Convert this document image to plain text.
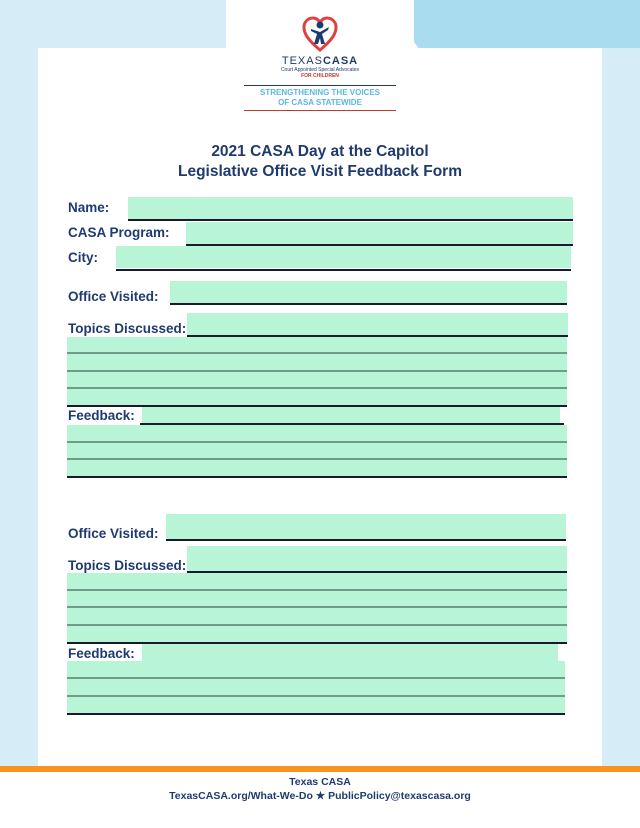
TEXASCASA
Court Appointed Special Advocates
FOR CHILDREN
STRENGTHENING THE VOICES
OF CASA STATEWIDE
2021 CASA Day at the Capitol
Legislative Office Visit Feedback Form
Name:
CASA Program:
City:
Office Visited:
Topics Discussed:
Feedback:
Office Visited:
Topics Discussed:
Feedback:
Texas CASA
TexasCASA.org/What-We-Do ★ PublicPolicy@texascasa.org
